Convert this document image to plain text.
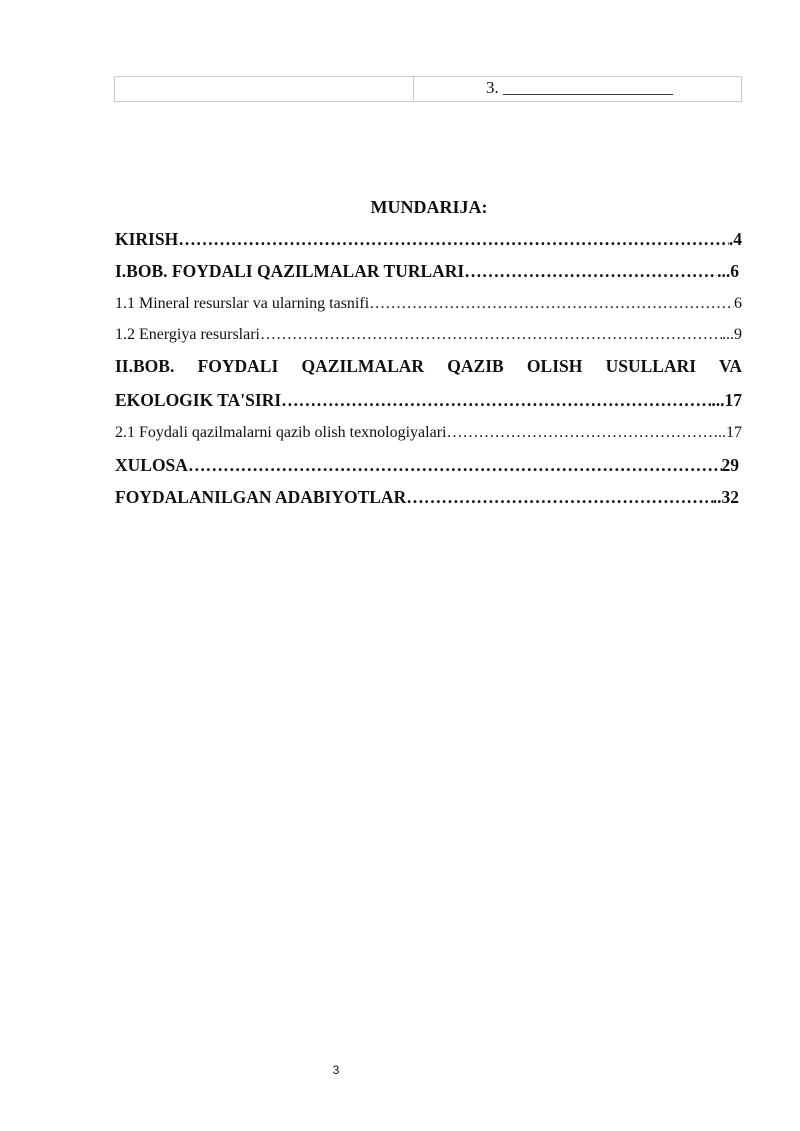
3. ____________________
MUNDARIJA:
KIRISH …………………………………………………………………………………………………………………………………………………………………………	.4
I.BOB. FOYDALI QAZILMALAR TURLARI …………………………………………………………………………………………………………………………………………………………………………	...6
1.1 Mineral resurslar va ularning tasnifi …………………………………………………………………………………………………………………………………………………………………………	6
1.2 Energiya resurslari …………………………………………………………………………………………………………………………………………………………………………	...9
II.BOB. FOYDALI QAZILMALAR QAZIB OLISH USULLARI VA
EKOLOGIK TA'SIRI …………………………………………………………………………………………………………………………………………………………………………	...17
2.1 Foydali qazilmalarni qazib olish texnologiyalari …………………………………………………………………………………………………………………………………………………………………………	..17
XULOSA …………………………………………………………………………………………………………………………………………………………………………	29
FOYDALANILGAN ADABIYOTLAR …………………………………………………………………………………………………………………………………………………………………………	..32
3
